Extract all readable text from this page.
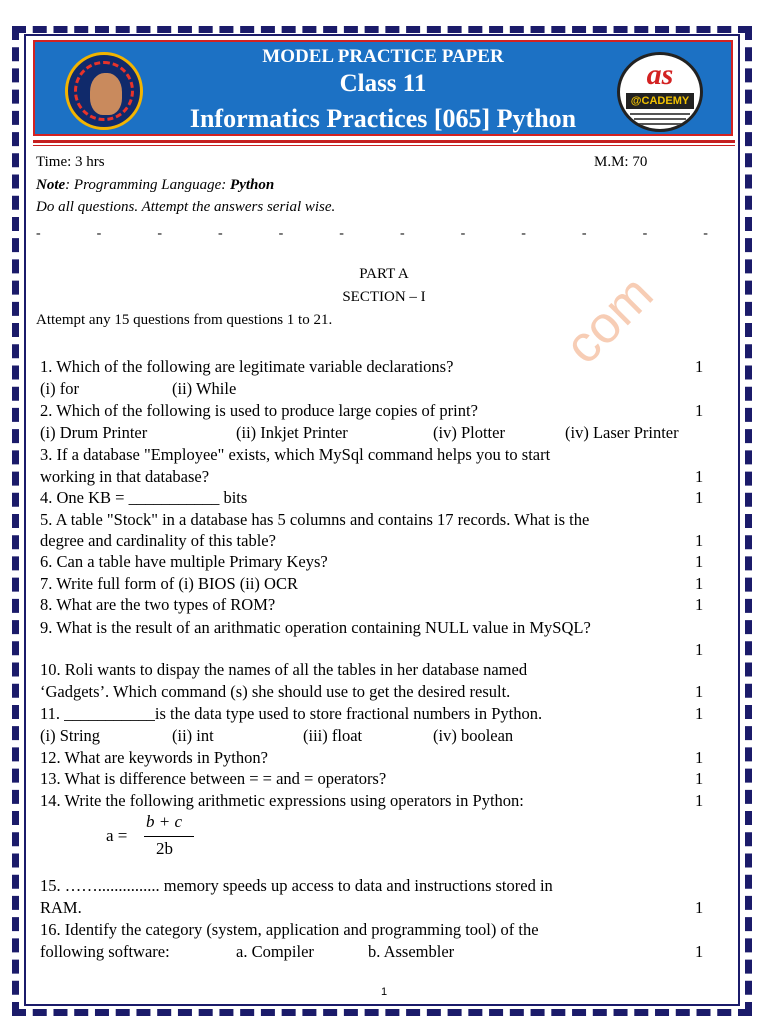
MODEL PRACTICE PAPER
Class 11
Informatics Practices [065] Python
as
@CADEMY
Time: 3 hrs	M.M: 70
Note: Programming Language: Python
Do all questions. Attempt the answers serial wise.
-	-	-	-	-	-	-	-	-	-	-	-
com
PART A
SECTION – I
Attempt any 15 questions from questions 1 to 21.
1. Which of the following are legitimate variable declarations?	1
(i) for	(ii) While
2. Which of the following is used to produce large copies of print?	1
(i) Drum Printer	(ii) Inkjet Printer	(iv) Plotter	(iv) Laser Printer
3. If a database "Employee" exists, which MySql command helps you to start
working in that database?	1
4. One KB = ___________ bits	1
5. A table "Stock" in a database has 5 columns and contains 17 records. What is the
degree and cardinality of this table?	1
6. Can a table have multiple Primary Keys?	1
7. Write full form of (i) BIOS (ii) OCR	1
8. What are the two types of ROM?	1
9. What is the result of an arithmatic operation containing NULL value in MySQL?
1
10. Roli wants to dispay the names of all the tables in her database named
‘Gadgets’. Which command (s) she should use to get the desired result.	1
11. ___________is the data type used to store fractional numbers in Python.	1
(i) String	(ii) int	(iii) float	(iv) boolean
12. What are keywords in Python?	1
13. What is difference between = = and = operators?	1
14. Write the following arithmetic expressions using operators in Python:	1
a =
b + c
2b
15. ……............... memory speeds up access to data and instructions stored in
RAM.	1
16. Identify the category (system, application and programming tool) of the
following software:	a. Compiler	b. Assembler	1
1
